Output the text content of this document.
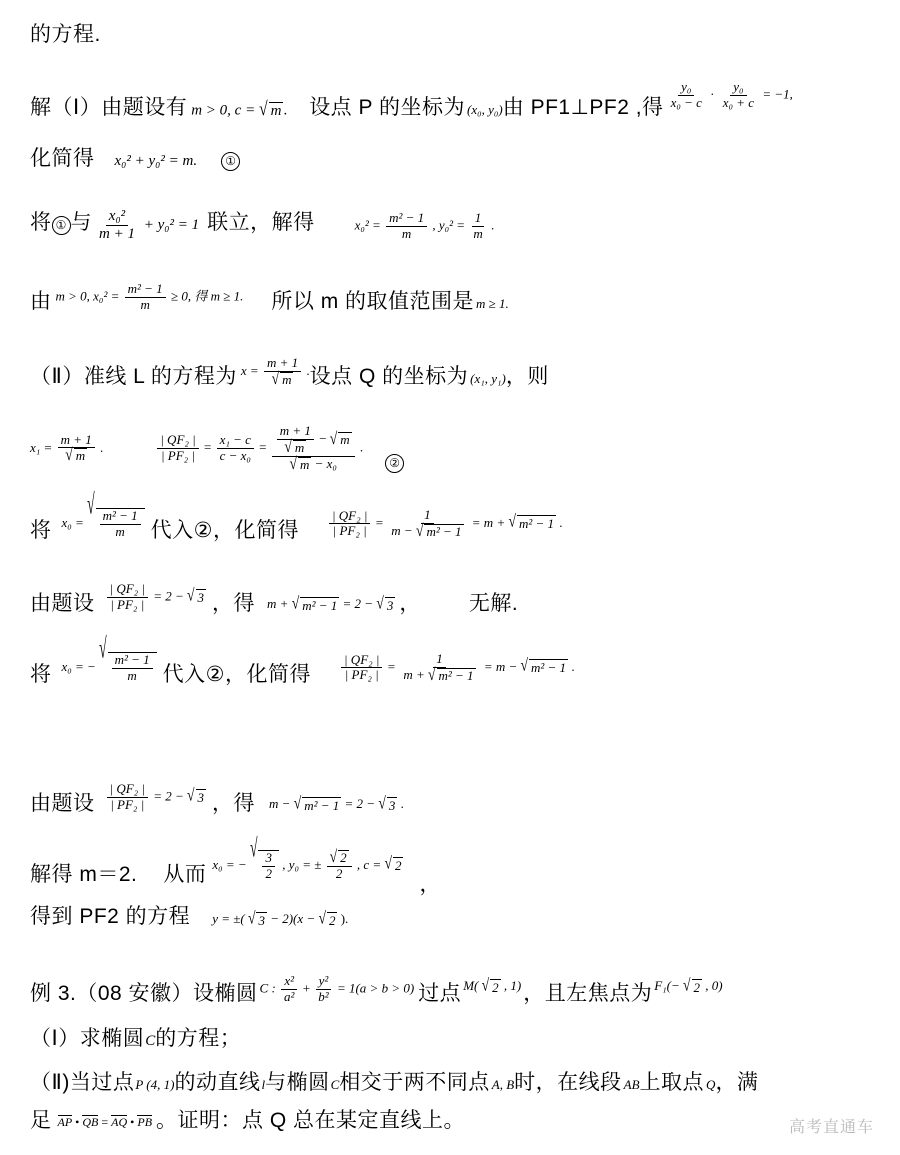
的方程.
解（Ⅰ）由题设有 m > 0, c = √ m . 设点 P 的坐标为 (x₀, y₀) 由 PF1⊥PF2 ,得 $\frac{\text{y₀}}{\text{x₀ − c}} \cdot \frac{\text{y₀}}{\text{x₀ + c}} = -1$,
化简得 x₀² + y₀² = m.	①
将 ① 与 $\frac{\text{x₀²}}{m + 1} + y_0^2 = 1$ 联立，解得	$x_0^2 = \frac{\text{m² − 1}}{m}$ , $y_0^2 = \frac{1}{m}$ .
由 m > 0, $x_0^2 = \frac{\text{m² − 1}}{m} \ge 0$, 得 m ≥ 1. 所以 m 的取值范围是 m ≥ 1.
（Ⅱ）准线 L 的方程为 $x = \frac{m + 1}{√ m}$ . 设点 Q 的坐标为 (x₁, y₁) ，则
$x_1 = \frac{m + 1}{√ m}$ .	$\frac{\text{| QF₂ |}}{\text{| PF₂ |}} = \frac{\text{x₁ − c}}{\text{c − x₀}} = \frac{\frac{m + 1}{√ m} - √ m}{\text{√ m − x₀}}$ .
②
将 x₀ =
√
$\frac{\text{m² − 1}}{m}$ 代入②，化简得 $\frac{\text{| QF₂ |}}{\text{| PF₂ |}} = \frac{1}{\text{m − √ m² − 1}} = m$ + √ m² − 1 .
由题设 $\frac{\text{| QF₂ |}}{\text{| PF₂ |}} = 2$ − √ 3 ，得 m + √ m² − 1 = 2 − √ 3 ， 无解.
将 x₀ = −
√
$\frac{\text{m² − 1}}{m}$ 代入②，化简得 $\frac{\text{| QF₂ |}}{\text{| PF₂ |}} = \frac{1}{\text{m + √ m² − 1}} = m$ − √ m² − 1 .
由题设 $\frac{\text{| QF₂ |}}{\text{| PF₂ |}} = 2$ − √ 3 ，得 m − √ m² − 1 = 2 − √ 3 .
解得 m＝2. 从而 x₀ = −
√
$\frac{3}{2}$ , y₀ = ± $\frac{√ 2}{2}$ , c = √ 2
，
得到 PF2 的方程 y = ±( √ 3 − 2)(x − √ 2 ).
例 3.（08 安徽）设椭圆 C : $\frac{\text{x²}}{\text{a²}} + \frac{\text{y²}}{\text{b²}} = 1(a > b > 0)$ 过点 M( √ 2 , 1) ，且左焦点为 F₁(− √ 2 , 0)
（Ⅰ）求椭圆 C 的方程；
（Ⅱ)当过点 P (4, 1) 的动直线 l 与椭圆 C 相交于两不同点 A, B 时，在线段 AB 上取点 Q ，满
足 AP • QB = AQ • PB 。证明：点 Q 总在某定直线上。	高考直通车
